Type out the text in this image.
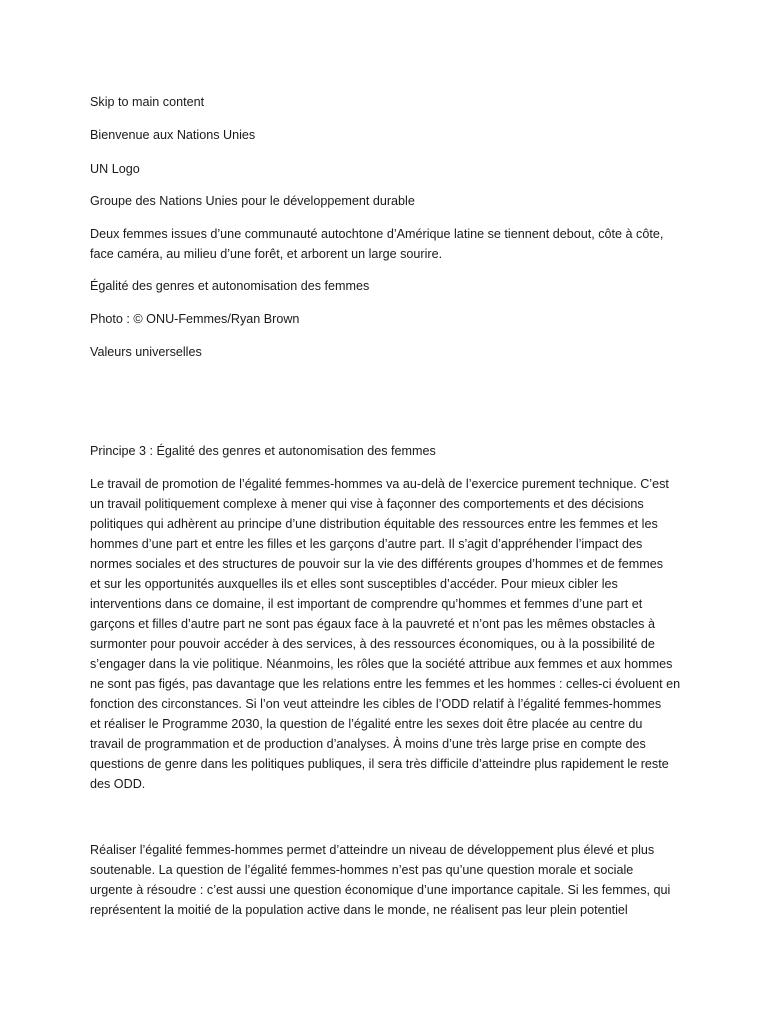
Skip to main content
Bienvenue aux Nations Unies
UN Logo
Groupe des Nations Unies pour le développement durable
Deux femmes issues d’une communauté autochtone d’Amérique latine se tiennent debout, côte à côte,
face caméra, au milieu d’une forêt, et arborent un large sourire.
Égalité des genres et autonomisation des femmes
Photo : © ONU-Femmes/Ryan Brown
Valeurs universelles
Principe 3 : Égalité des genres et autonomisation des femmes
Le travail de promotion de l’égalité femmes-hommes va au-delà de l’exercice purement technique. C’est
un travail politiquement complexe à mener qui vise à façonner des comportements et des décisions
politiques qui adhèrent au principe d’une distribution équitable des ressources entre les femmes et les
hommes d’une part et entre les filles et les garçons d’autre part. Il s’agit d’appréhender l’impact des
normes sociales et des structures de pouvoir sur la vie des différents groupes d’hommes et de femmes
et sur les opportunités auxquelles ils et elles sont susceptibles d’accéder. Pour mieux cibler les
interventions dans ce domaine, il est important de comprendre qu’hommes et femmes d’une part et
garçons et filles d’autre part ne sont pas égaux face à la pauvreté et n’ont pas les mêmes obstacles à
surmonter pour pouvoir accéder à des services, à des ressources économiques, ou à la possibilité de
s’engager dans la vie politique. Néanmoins, les rôles que la société attribue aux femmes et aux hommes
ne sont pas figés, pas davantage que les relations entre les femmes et les hommes : celles-ci évoluent en
fonction des circonstances. Si l’on veut atteindre les cibles de l’ODD relatif à l’égalité femmes-hommes
et réaliser le Programme 2030, la question de l’égalité entre les sexes doit être placée au centre du
travail de programmation et de production d’analyses. À moins d’une très large prise en compte des
questions de genre dans les politiques publiques, il sera très difficile d’atteindre plus rapidement le reste
des ODD.
Réaliser l’égalité femmes-hommes permet d’atteindre un niveau de développement plus élevé et plus
soutenable. La question de l’égalité femmes-hommes n’est pas qu’une question morale et sociale
urgente à résoudre : c’est aussi une question économique d’une importance capitale. Si les femmes, qui
représentent la moitié de la population active dans le monde, ne réalisent pas leur plein potentiel
